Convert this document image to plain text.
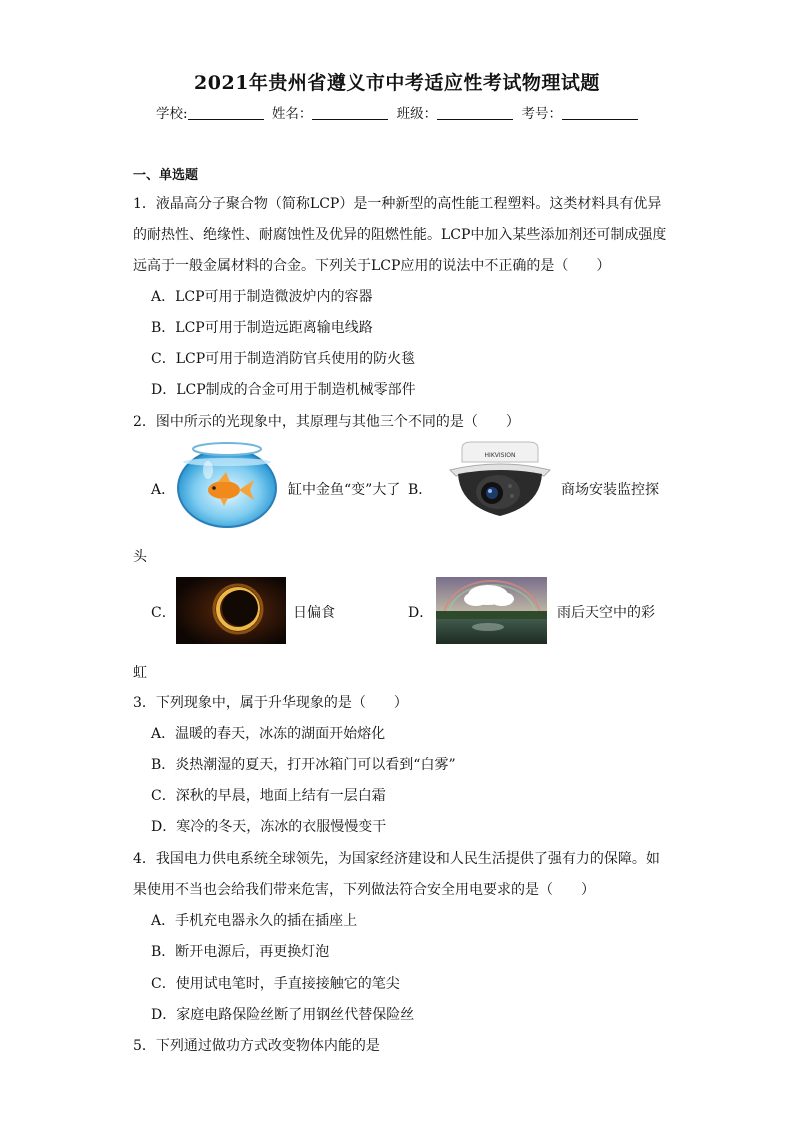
2021年贵州省遵义市中考适应性考试物理试题
学校:	姓名：	班级：	考号：
一、单选题
1．液晶高分子聚合物（简称LCP）是一种新型的高性能工程塑料。这类材料具有优异
的耐热性、绝缘性、耐腐蚀性及优异的阻燃性能。LCP中加入某些添加剂还可制成强度
远高于一般金属材料的合金。下列关于LCP应用的说法中不正确的是（　　）
A．LCP可用于制造微波炉内的容器
B．LCP可用于制造远距离输电线路
C．LCP可用于制造消防官兵使用的防火毯
D．LCP制成的合金可用于制造机械零部件
2．图中所示的光现象中，其原理与其他三个不同的是（　　）
A．	缸中金鱼“变”大了 B．
HIKVISION
商场安装监控探
头
C．	日偏食	D．	雨后天空中的彩
虹
3．下列现象中，属于升华现象的是（　　）
A．温暖的春天，冰冻的湖面开始熔化
B．炎热潮湿的夏天，打开冰箱门可以看到“白雾”
C．深秋的早晨，地面上结有一层白霜
D．寒冷的冬天，冻冰的衣服慢慢变干
4．我国电力供电系统全球领先，为国家经济建设和人民生活提供了强有力的保障。如
果使用不当也会给我们带来危害，下列做法符合安全用电要求的是（　　）
A．手机充电器永久的插在插座上
B．断开电源后，再更换灯泡
C．使用试电笔时，手直接接触它的笔尖
D．家庭电路保险丝断了用钢丝代替保险丝
5．下列通过做功方式改变物体内能的是
